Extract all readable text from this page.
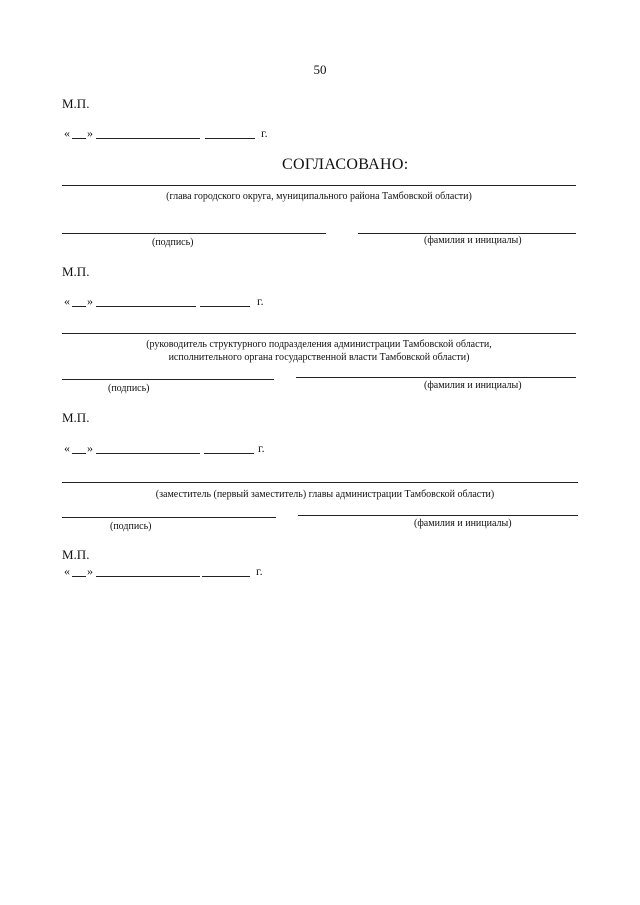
50
М.П.
« »	г.
СОГЛАСОВАНО:
(глава городского округа, муниципального района Тамбовской области)
(подпись)	(фамилия и инициалы)
М.П.
« »	г.
(руководитель структурного подразделения администрации Тамбовской области,
исполнительного органа государственной власти Тамбовской области)
(подпись)	(фамилия и инициалы)
М.П.
« »	г.
(заместитель (первый заместитель) главы администрации Тамбовской области)
(подпись)	(фамилия и инициалы)
М.П.
« »	г.
